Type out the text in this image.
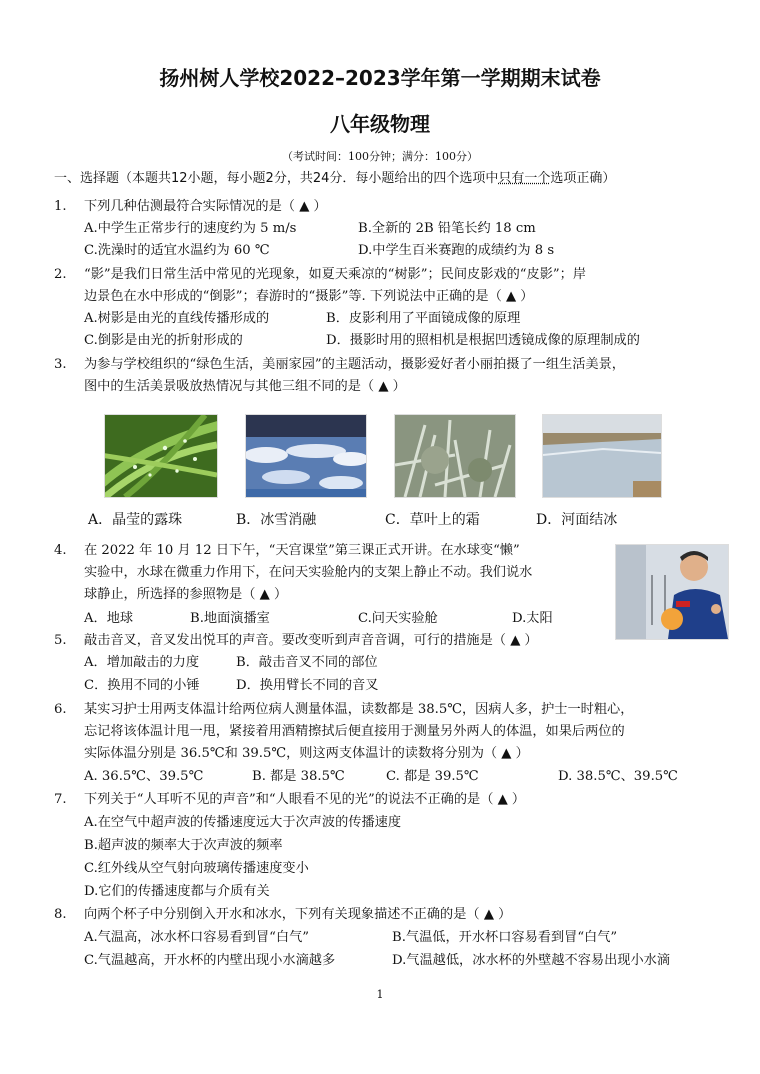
扬州树人学校2022–2023学年第一学期期末试卷
八年级物理
（考试时间：100分钟；满分：100分）
一、选择题（本题共12小题，每小题2分，共24分．每小题给出的四个选项中只有一个选项正确）
1. 下列几种估测最符合实际情况的是（ ▲ ）
A.中学生正常步行的速度约为 5 m/s	B.全新的 2B 铅笔长约 18 cm
C.洗澡时的适宜水温约为 60 ℃	D.中学生百米赛跑的成绩约为 8 s
2. “影”是我们日常生活中常见的光现象，如夏天乘凉的“树影”；民间皮影戏的“皮影”；岸
边景色在水中形成的“倒影”；春游时的“摄影”等. 下列说法中正确的是（ ▲ ）
A.树影是由光的直线传播形成的	B．皮影利用了平面镜成像的原理
C.倒影是由光的折射形成的	D．摄影时用的照相机是根据凹透镜成像的原理制成的
3. 为参与学校组织的“绿色生活，美丽家园”的主题活动，摄影爱好者小丽拍摄了一组生活美景，
图中的生活美景吸放热情况与其他三组不同的是（ ▲ ）
A．晶莹的露珠	B．冰雪消融	C．草叶上的霜	D．河面结冰
4. 在 2022 年 10 月 12 日下午，“天宫课堂”第三课正式开讲。在水球变“懒”
实验中，水球在微重力作用下，在问天实验舱内的支架上静止不动。我们说水
球静止，所选择的参照物是（ ▲ ）
A．地球	B.地面演播室	C.问天实验舱	D.太阳
5. 敲击音叉，音叉发出悦耳的声音。要改变听到声音音调，可行的措施是（ ▲ ）
A．增加敲击的力度	B．敲击音叉不同的部位
C．换用不同的小锤	D．换用臂长不同的音叉
6. 某实习护士用两支体温计给两位病人测量体温，读数都是 38.5℃，因病人多，护士一时粗心，
忘记将该体温计甩一甩，紧接着用酒精擦拭后便直接用于测量另外两人的体温，如果后两位的
实际体温分别是 36.5℃和 39.5℃，则这两支体温计的读数将分别为（ ▲ ）
A. 36.5℃、39.5℃	B. 都是 38.5℃	C. 都是 39.5℃	D. 38.5℃、39.5℃
7. 下列关于“人耳听不见的声音”和“人眼看不见的光”的说法不正确的是（ ▲ ）
A.在空气中超声波的传播速度远大于次声波的传播速度
B.超声波的频率大于次声波的频率
C.红外线从空气射向玻璃传播速度变小
D.它们的传播速度都与介质有关
8. 向两个杯子中分别倒入开水和冰水，下列有关现象描述不正确的是（ ▲ ）
A.气温高，冰水杯口容易看到冒“白气”	B.气温低，开水杯口容易看到冒“白气”
C.气温越高，开水杯的内壁出现小水滴越多	D.气温越低，冰水杯的外壁越不容易出现小水滴
1
